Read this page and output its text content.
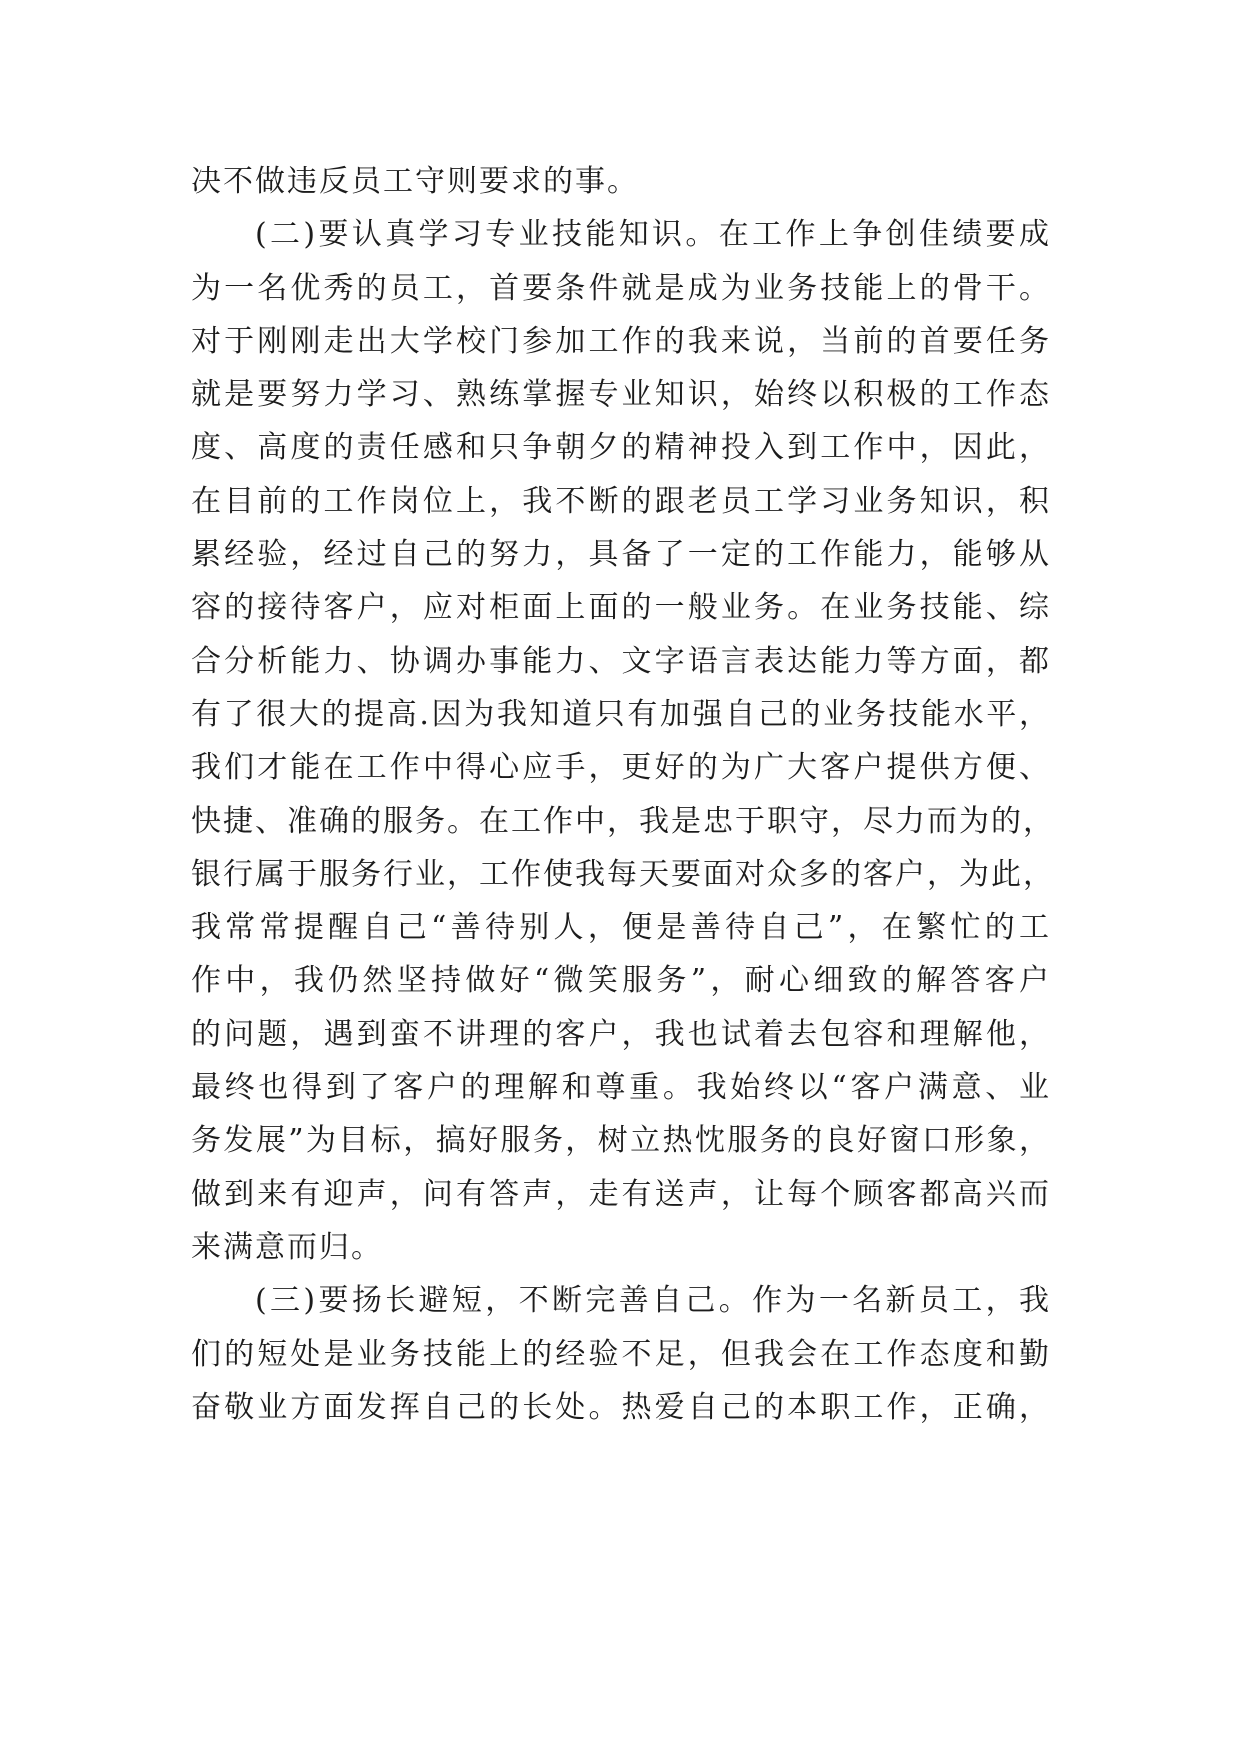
决不做违反员工守则要求的事。
(二)要认真学习专业技能知识。在工作上争创佳绩要成
为一名优秀的员工，首要条件就是成为业务技能上的骨干。
对于刚刚走出大学校门参加工作的我来说，当前的首要任务
就是要努力学习、熟练掌握专业知识，始终以积极的工作态
度、高度的责任感和只争朝夕的精神投入到工作中，因此，
在目前的工作岗位上，我不断的跟老员工学习业务知识，积
累经验，经过自己的努力，具备了一定的工作能力，能够从
容的接待客户，应对柜面上面的一般业务。在业务技能、综
合分析能力、协调办事能力、文字语言表达能力等方面，都
有了很大的提高.因为我知道只有加强自己的业务技能水平，
我们才能在工作中得心应手，更好的为广大客户提供方便、
快捷、准确的服务。在工作中，我是忠于职守，尽力而为的，
银行属于服务行业，工作使我每天要面对众多的客户，为此，
我常常提醒自己“善待别人，便是善待自己”，在繁忙的工
作中，我仍然坚持做好“微笑服务”，耐心细致的解答客户
的问题，遇到蛮不讲理的客户，我也试着去包容和理解他，
最终也得到了客户的理解和尊重。我始终以“客户满意、业
务发展”为目标，搞好服务，树立热忱服务的良好窗口形象，
做到来有迎声，问有答声，走有送声，让每个顾客都高兴而
来满意而归。
(三)要扬长避短，不断完善自己。作为一名新员工，我
们的短处是业务技能上的经验不足，但我会在工作态度和勤
奋敬业方面发挥自己的长处。热爱自己的本职工作，正确，
